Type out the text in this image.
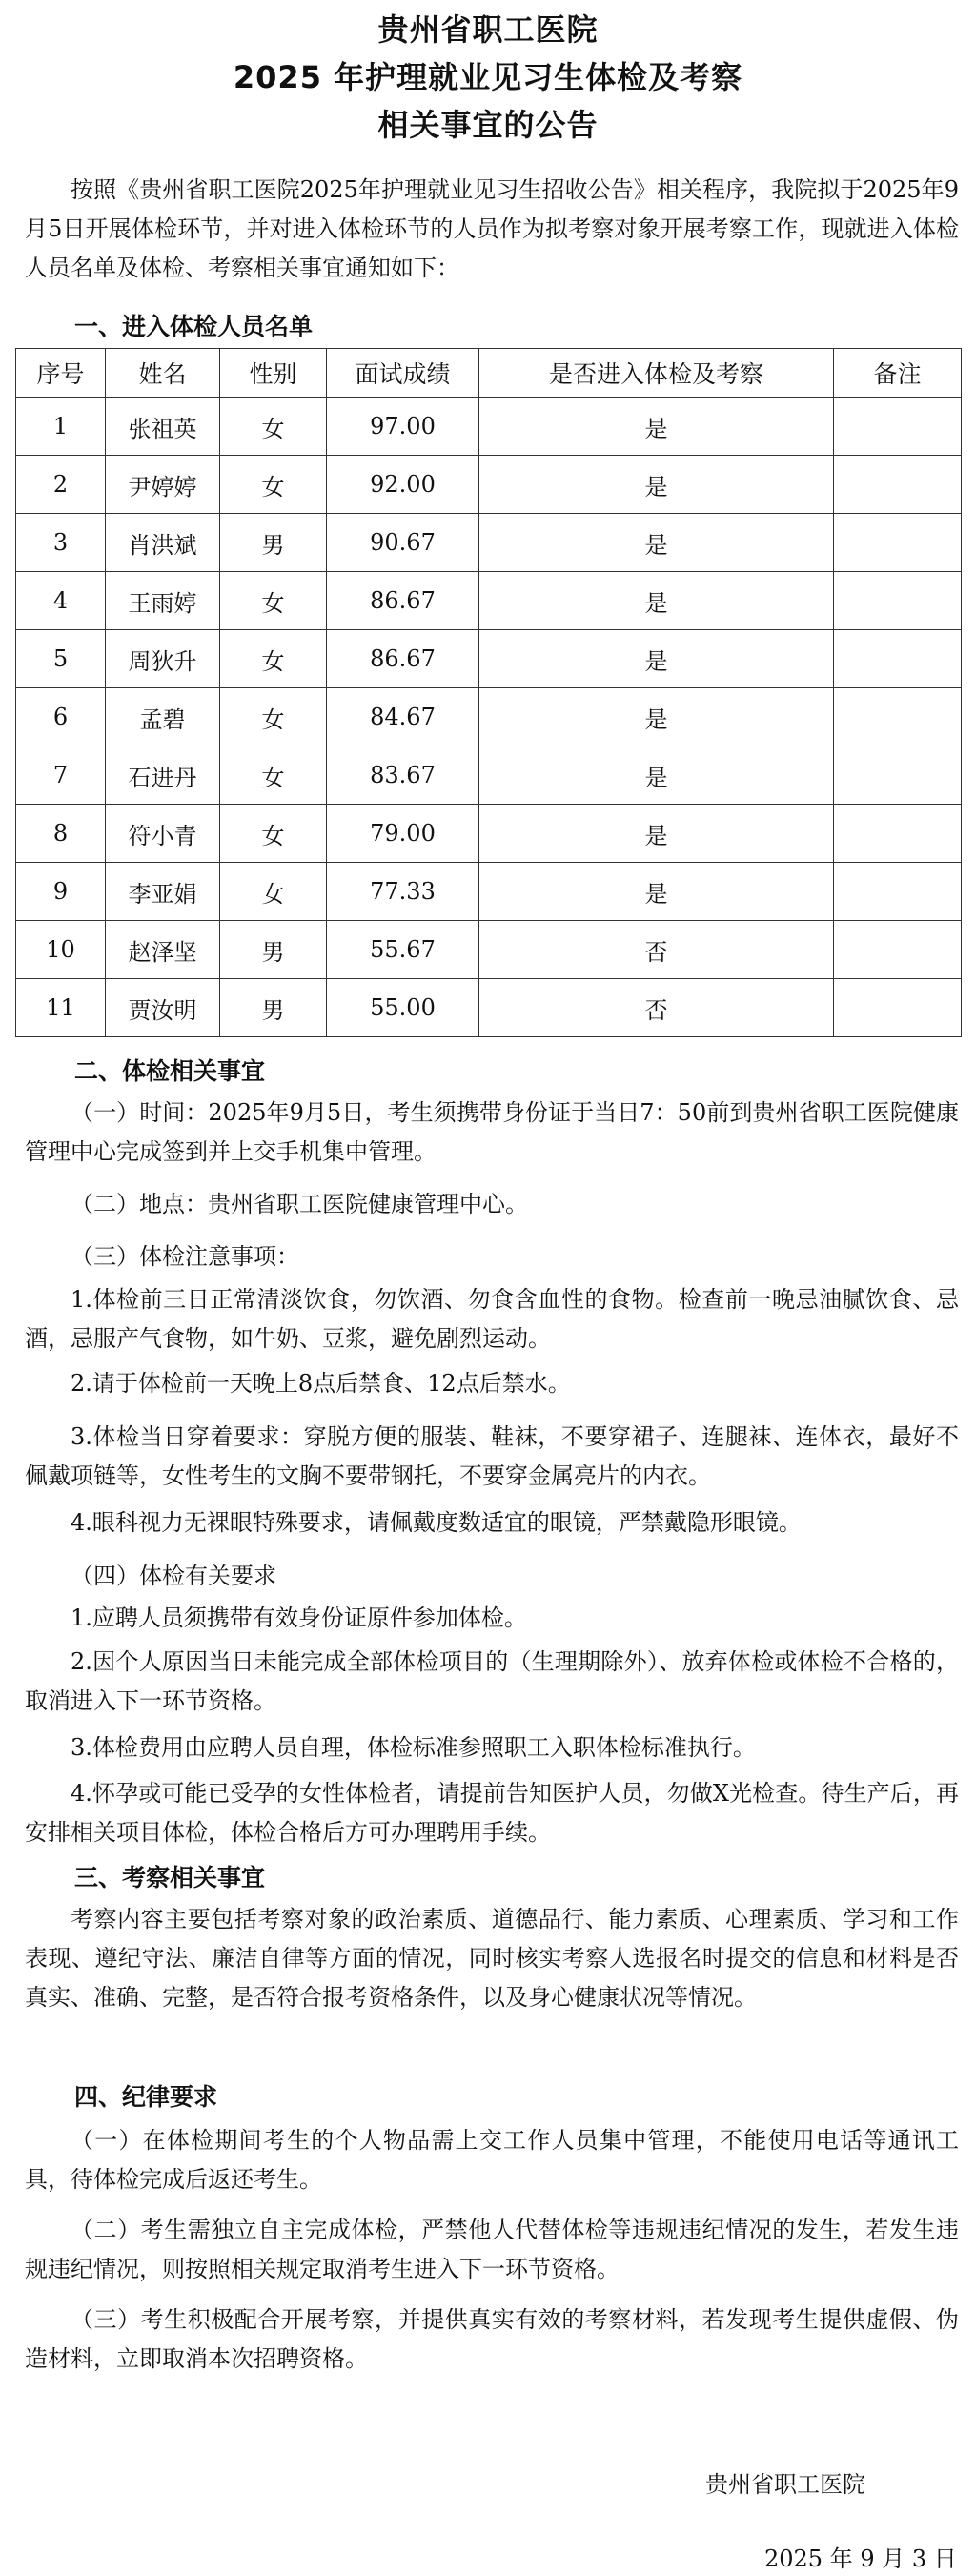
贵州省职工医院
2025 年护理就业见习生体检及考察
相关事宜的公告

按照《贵州省职工医院2025年护理就业见习生招收公告》相关程序，我院拟于2025年9月5日开展体检环节，并对进入体检环节的人员作为拟考察对象开展考察工作，现就进入体检人员名单及体检、考察相关事宜通知如下：

一、进入体检人员名单
序号	姓名	性别	面试成绩	是否进入体检及考察	备注
1	张祖英	女	97.00	是	
2	尹婷婷	女	92.00	是	
3	肖洪斌	男	90.67	是	
4	王雨婷	女	86.67	是	
5	周狄升	女	86.67	是	
6	孟碧	女	84.67	是	
7	石进丹	女	83.67	是	
8	符小青	女	79.00	是	
9	李亚娟	女	77.33	是	
10	赵泽坚	男	55.67	否	
11	贾汝明	男	55.00	否	
二、体检相关事宜

（一）时间：2025年9月5日，考生须携带身份证于当日7：50前到贵州省职工医院健康管理中心完成签到并上交手机集中管理。

（二）地点：贵州省职工医院健康管理中心。

（三）体检注意事项：

1.体检前三日正常清淡饮食，勿饮酒、勿食含血性的食物。检查前一晚忌油腻饮食、忌酒，忌服产气食物，如牛奶、豆浆，避免剧烈运动。

2.请于体检前一天晚上8点后禁食、12点后禁水。

3.体检当日穿着要求：穿脱方便的服装、鞋袜，不要穿裙子、连腿袜、连体衣，最好不佩戴项链等，女性考生的文胸不要带钢托，不要穿金属亮片的内衣。

4.眼科视力无裸眼特殊要求，请佩戴度数适宜的眼镜，严禁戴隐形眼镜。

（四）体检有关要求

1.应聘人员须携带有效身份证原件参加体检。

2.因个人原因当日未能完成全部体检项目的（生理期除外）、放弃体检或体检不合格的，取消进入下一环节资格。

3.体检费用由应聘人员自理，体检标准参照职工入职体检标准执行。

4.怀孕或可能已受孕的女性体检者，请提前告知医护人员，勿做X光检查。待生产后，再安排相关项目体检，体检合格后方可办理聘用手续。

三、考察相关事宜

考察内容主要包括考察对象的政治素质、道德品行、能力素质、心理素质、学习和工作表现、遵纪守法、廉洁自律等方面的情况，同时核实考察人选报名时提交的信息和材料是否真实、准确、完整，是否符合报考资格条件，以及身心健康状况等情况。

四、纪律要求

（一）在体检期间考生的个人物品需上交工作人员集中管理，不能使用电话等通讯工具，待体检完成后返还考生。

（二）考生需独立自主完成体检，严禁他人代替体检等违规违纪情况的发生，若发生违规违纪情况，则按照相关规定取消考生进入下一环节资格。

（三）考生积极配合开展考察，并提供真实有效的考察材料，若发现考生提供虚假、伪造材料，立即取消本次招聘资格。

贵州省职工医院
2025 年 9 月 3 日
